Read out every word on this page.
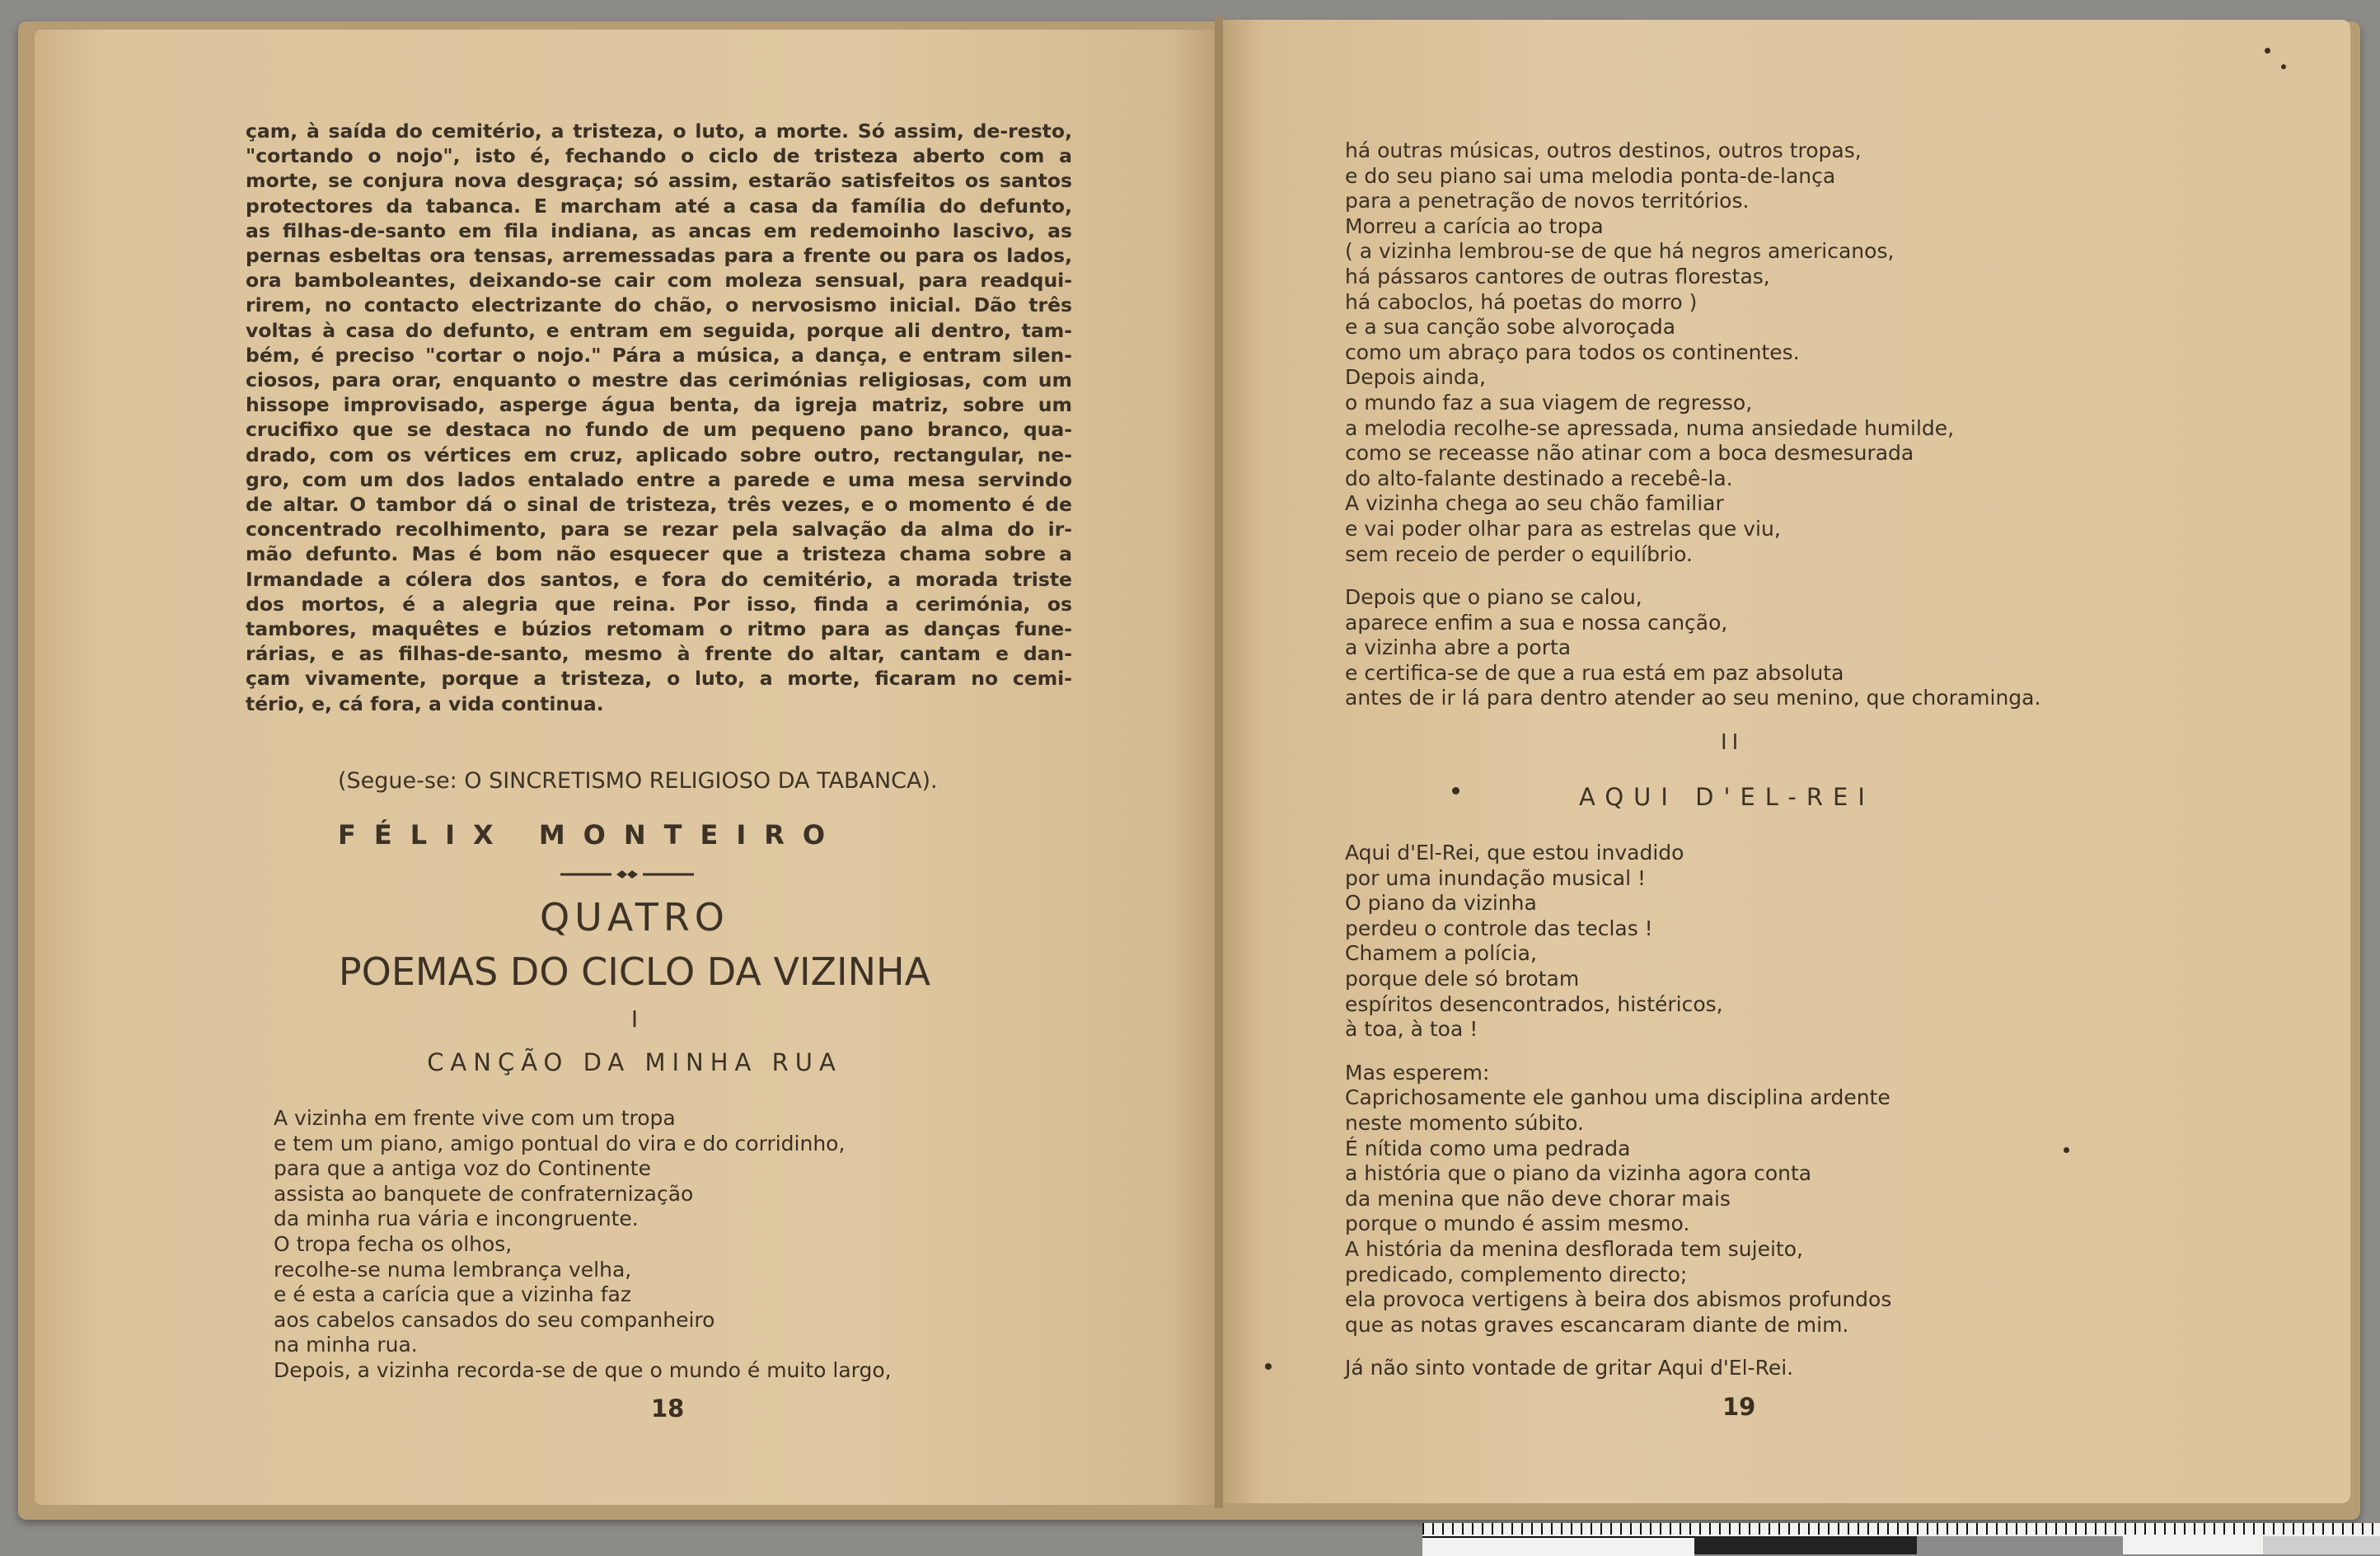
çam, à saída do cemitério, a tristeza, o luto, a morte. Só assim, de-resto,

"cortando o nojo", isto é, fechando o ciclo de tristeza aberto com a

morte, se conjura nova desgraça; só assim, estarão satisfeitos os santos

protectores da tabanca. E marcham até a casa da família do defunto,

as filhas-de-santo em fila indiana, as ancas em redemoinho lascivo, as

pernas esbeltas ora tensas, arremessadas para a frente ou para os lados,

ora bamboleantes, deixando-se cair com moleza sensual, para readqui-

rirem, no contacto electrizante do chão, o nervosismo inicial. Dão três

voltas à casa do defunto, e entram em seguida, porque ali dentro, tam-

bém, é preciso "cortar o nojo." Pára a música, a dança, e entram silen-

ciosos, para orar, enquanto o mestre das cerimónias religiosas, com um

hissope improvisado, asperge água benta, da igreja matriz, sobre um

crucifixo que se destaca no fundo de um pequeno pano branco, qua-

drado, com os vértices em cruz, aplicado sobre outro, rectangular, ne-

gro, com um dos lados entalado entre a parede e uma mesa servindo

de altar. O tambor dá o sinal de tristeza, três vezes, e o momento é de

concentrado recolhimento, para se rezar pela salvação da alma do ir-

mão defunto. Mas é bom não esquecer que a tristeza chama sobre a

Irmandade a cólera dos santos, e fora do cemitério, a morada triste

dos mortos, é a alegria que reina. Por isso, finda a cerimónia, os

tambores, maquêtes e búzios retomam o ritmo para as danças fune-

rárias, e as filhas-de-santo, mesmo à frente do altar, cantam e dan-

çam vivamente, porque a tristeza, o luto, a morte, ficaram no cemi-

tério, e, cá fora, a vida continua.

(Segue-se: O SINCRETISMO RELIGIOSO DA TABANCA).
FÉLIX MONTEIRO
QUATRO
POEMAS DO CICLO DA VIZINHA
I
CANÇÃO DA MINHA RUA
A vizinha em frente vive com um tropa
e tem um piano, amigo pontual do vira e do corridinho,
para que a antiga voz do Continente
assista ao banquete de confraternização
da minha rua vária e incongruente.
O tropa fecha os olhos,
recolhe-se numa lembrança velha,
e é esta a carícia que a vizinha faz
aos cabelos cansados do seu companheiro
na minha rua.
Depois, a vizinha recorda-se de que o mundo é muito largo,
18
há outras músicas, outros destinos, outros tropas,
e do seu piano sai uma melodia ponta-de-lança
para a penetração de novos territórios.
Morreu a carícia ao tropa
( a vizinha lembrou-se de que há negros americanos,
há pássaros cantores de outras florestas,
há caboclos, há poetas do morro )
e a sua canção sobe alvoroçada
como um abraço para todos os continentes.
Depois ainda,
o mundo faz a sua viagem de regresso,
a melodia recolhe-se apressada, numa ansiedade humilde,
como se receasse não atinar com a boca desmesurada
do alto-falante destinado a recebê-la.
A vizinha chega ao seu chão familiar
e vai poder olhar para as estrelas que viu,
sem receio de perder o equilíbrio.
Depois que o piano se calou,
aparece enfim a sua e nossa canção,
a vizinha abre a porta
e certifica-se de que a rua está em paz absoluta
antes de ir lá para dentro atender ao seu menino, que choraminga.
II
AQUI D'EL-REI
Aqui d'El-Rei, que estou invadido
por uma inundação musical !
O piano da vizinha
perdeu o controle das teclas !
Chamem a polícia,
porque dele só brotam
espíritos desencontrados, histéricos,
à toa, à toa !
Mas esperem:
Caprichosamente ele ganhou uma disciplina ardente
neste momento súbito.
É nítida como uma pedrada
a história que o piano da vizinha agora conta
da menina que não deve chorar mais
porque o mundo é assim mesmo.
A história da menina desflorada tem sujeito,
predicado, complemento directo;
ela provoca vertigens à beira dos abismos profundos
que as notas graves escancaram diante de mim.
Já não sinto vontade de gritar Aqui d'El-Rei.
19
